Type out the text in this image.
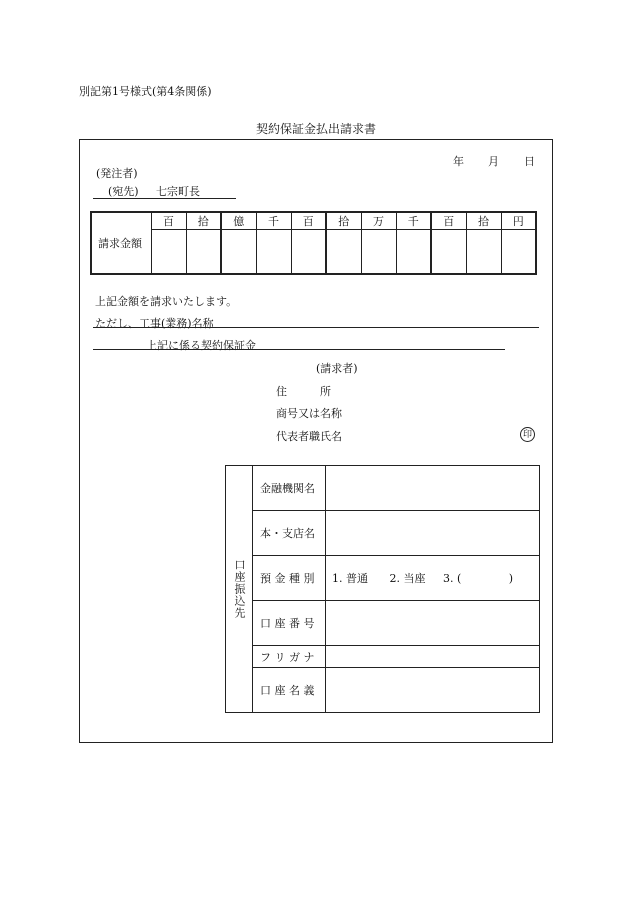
別記第1号様式(第4条関係)
契約保証金払出請求書
年 月 日
(発注者)
(宛先) 七宗町長
請求金額	百	拾	億	千	百	拾	万	千	百	拾	円

上記金額を請求いたします。
ただし、工事(業務)名称
上記に係る契約保証金
(請求者)
住　　　所
商号又は名称
代表者職氏名	印
口座振込先	金融機関名	
	本・支店名	
	預 金 種 別	1. 普通 2. 当座 3. ( )
	口 座 番 号	
	フ リ ガ ナ	
	口 座 名 義	
